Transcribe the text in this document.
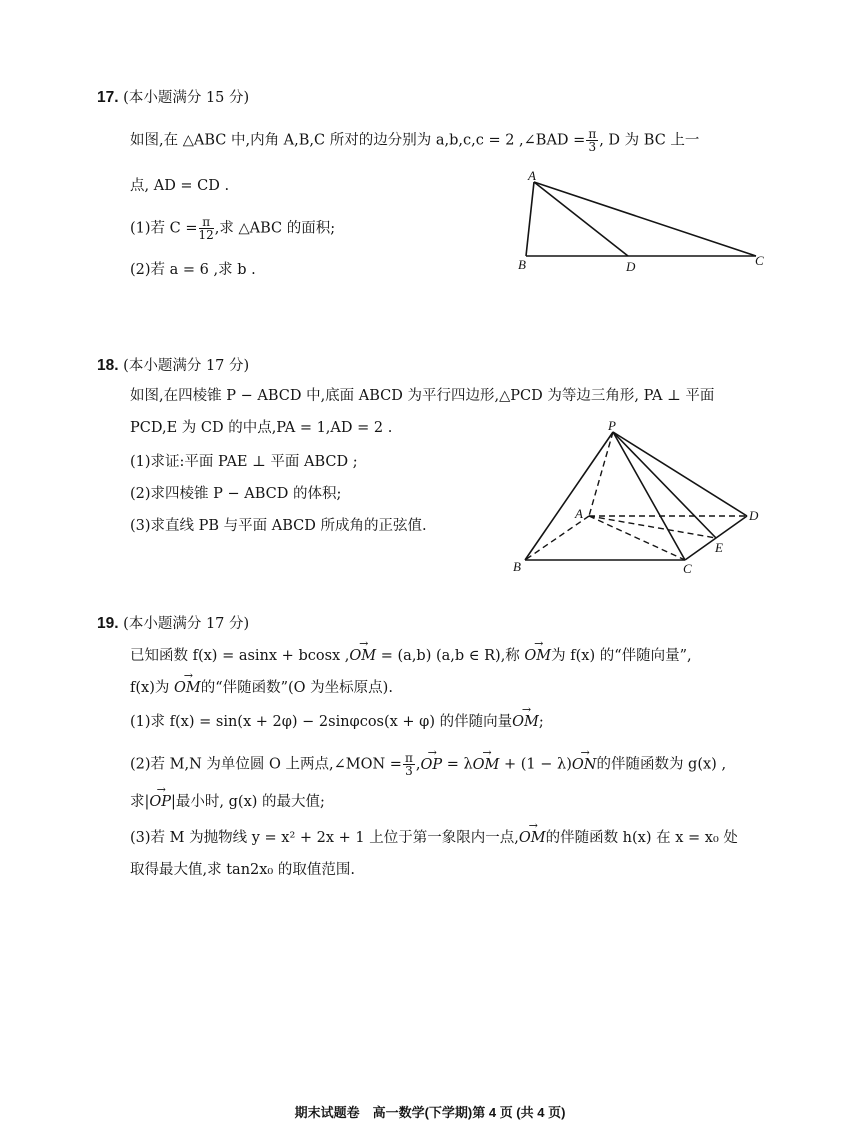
17. (本小题满分 15 分)
如图,在 △ABC 中,内角 A,B,C 所对的边分别为 a,b,c,c = 2 ,∠BAD = $\frac{\pi}{3}$ , D 为 BC 上一
点, AD = CD .
(1)若 $C = \frac{\pi}{12}$ ,求 △ABC 的面积;
(2)若 a = 6 ,求 b .
A
B	D	C
18. (本小题满分 17 分)
如图,在四棱锥 P − ABCD 中,底面 ABCD 为平行四边形,△PCD 为等边三角形, PA ⊥ 平面
PCD,E 为 CD 的中点,PA = 1,AD = 2 .
(1)求证:平面 PAE ⊥ 平面 ABCD ;
(2)求四棱锥 P − ABCD 的体积;
(3)求直线 PB 与平面 ABCD 所成角的正弦值.
P
A
B	C
D
E
19. (本小题满分 17 分)
已知函数 f(x) = asinx + bcosx ,→ OM = (a,b) (a,b ∈ R),称 → OM为 f(x) 的“伴随向量”,
f(x)为 → OM的“伴随函数”(O 为坐标原点).
(1)求 f(x) = sin(x + 2φ) − 2sinφcos(x + φ) 的伴随向量→ OM;
(2)若 M,N 为单位圆 O 上两点,∠MON = $\frac{\pi}{3}$ ,→ OP = λ→ OM + (1 − λ)→ ON的伴随函数为 g(x) ,
求|→ OP|最小时, g(x) 的最大值;
(3)若 M 为抛物线 y = x² + 2x + 1 上位于第一象限内一点,→ OM的伴随函数 h(x) 在 x = x₀ 处
取得最大值,求 tan2x₀ 的取值范围.
期末试题卷　高一数学(下学期)第 4 页 (共 4 页)
